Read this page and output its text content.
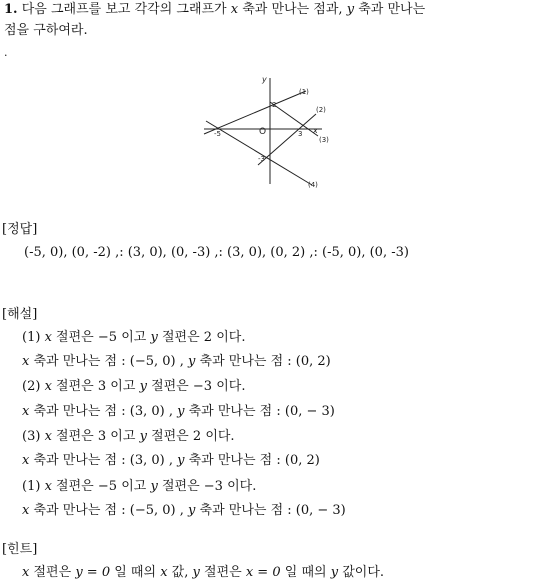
1. 다음 그래프를 보고 각각의 그래프가 x 축과 만나는 점과, y 축과 만나는
점을 구하여라.
.
y
x
O
-5	3
2
-3
(1)
(2)
(3)
(4)
[정답]
(-5, 0), (0, -2) ,: (3, 0), (0, -3) ,: (3, 0), (0, 2) ,: (-5, 0), (0, -3)
[해설]
(1) x 절편은 −5 이고 y 절편은 2 이다.
x 축과 만나는 점 : (−5, 0) , y 축과 만나는 점 : (0, 2)
(2) x 절편은 3 이고 y 절편은 −3 이다.
x 축과 만나는 점 : (3, 0) , y 축과 만나는 점 : (0, − 3)
(3) x 절편은 3 이고 y 절편은 2 이다.
x 축과 만나는 점 : (3, 0) , y 축과 만나는 점 : (0, 2)
(1) x 절편은 −5 이고 y 절편은 −3 이다.
x 축과 만나는 점 : (−5, 0) , y 축과 만나는 점 : (0, − 3)
[힌트]
x 절편은 y = 0 일 때의 x 값, y 절편은 x = 0 일 때의 y 값이다.
